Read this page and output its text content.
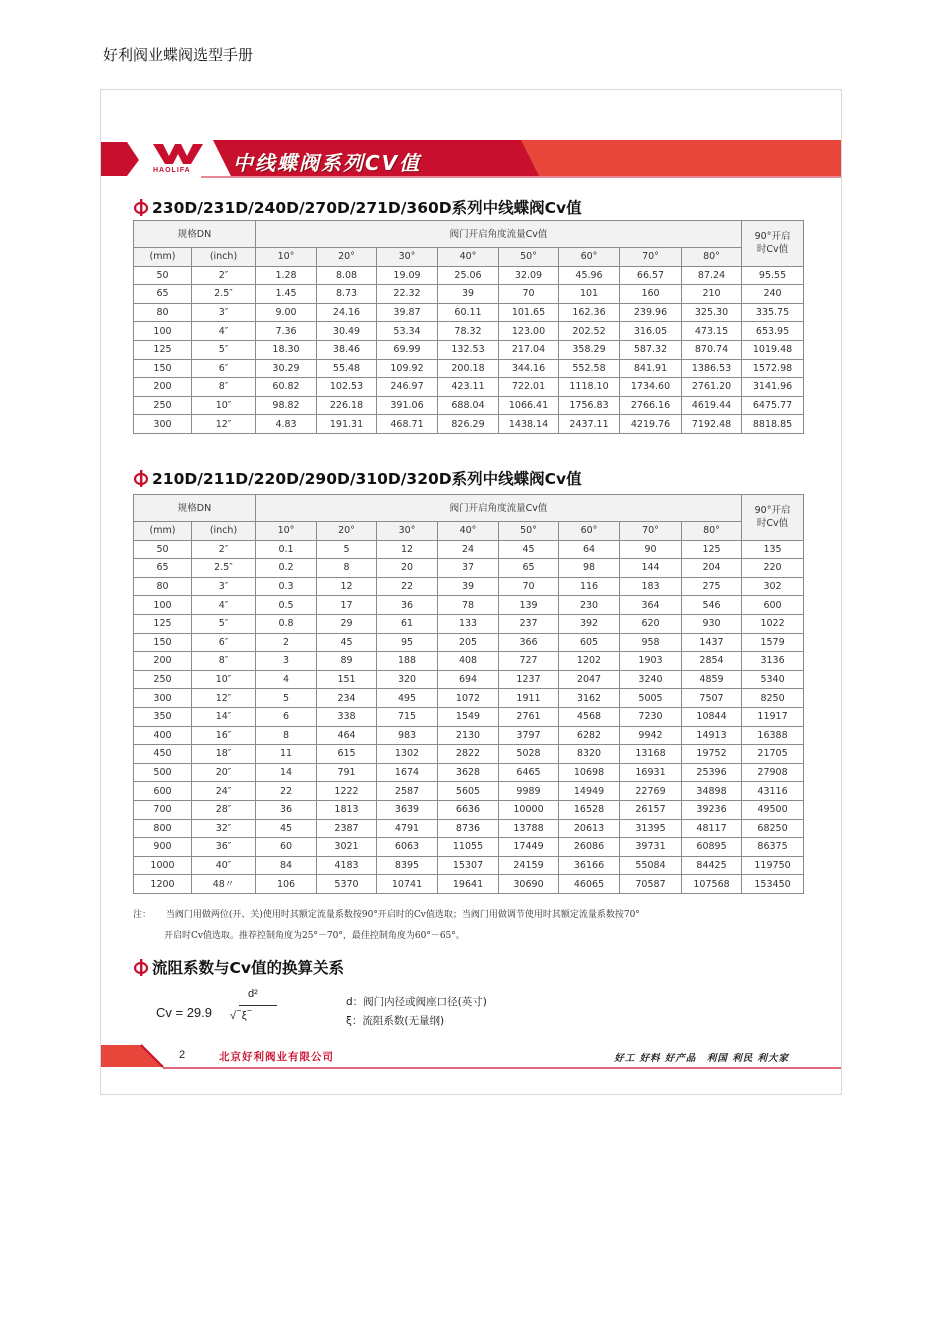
好利阀业蝶阀选型手册
HAOLIFA 中线蝶阀系列CV值
230D/231D/240D/270D/271D/360D系列中线蝶阀Cv值
规格DN		阀门开启角度流量Cv值								90°开启
时Cv值

(mm)	(inch)	10°	20°	30°	40°	50°	60°	70°	80°	
50	2″	1.28	8.08	19.09	25.06	32.09	45.96	66.57	87.24	95.55
65	2.5″	1.45	8.73	22.32	39	70	101	160	210	240
80	3″	9.00	24.16	39.87	60.11	101.65	162.36	239.96	325.30	335.75
100	4″	7.36	30.49	53.34	78.32	123.00	202.52	316.05	473.15	653.95
125	5″	18.30	38.46	69.99	132.53	217.04	358.29	587.32	870.74	1019.48
150	6″	30.29	55.48	109.92	200.18	344.16	552.58	841.91	1386.53	1572.98
200	8″	60.82	102.53	246.97	423.11	722.01	1118.10	1734.60	2761.20	3141.96
250	10″	98.82	226.18	391.06	688.04	1066.41	1756.83	2766.16	4619.44	6475.77
300	12″	4.83	191.31	468.71	826.29	1438.14	2437.11	4219.76	7192.48	8818.85
210D/211D/220D/290D/310D/320D系列中线蝶阀Cv值
规格DN		阀门开启角度流量Cv值								90°开启
时Cv值

(mm)	(inch)	10°	20°	30°	40°	50°	60°	70°	80°	
50	2″	0.1	5	12	24	45	64	90	125	135
65	2.5″	0.2	8	20	37	65	98	144	204	220
80	3″	0.3	12	22	39	70	116	183	275	302
100	4″	0.5	17	36	78	139	230	364	546	600
125	5″	0.8	29	61	133	237	392	620	930	1022
150	6″	2	45	95	205	366	605	958	1437	1579
200	8″	3	89	188	408	727	1202	1903	2854	3136
250	10″	4	151	320	694	1237	2047	3240	4859	5340
300	12″	5	234	495	1072	1911	3162	5005	7507	8250
350	14″	6	338	715	1549	2761	4568	7230	10844	11917
400	16″	8	464	983	2130	3797	6282	9942	14913	16388
450	18″	11	615	1302	2822	5028	8320	13168	19752	21705
500	20″	14	791	1674	3628	6465	10698	16931	25396	27908
600	24″	22	1222	2587	5605	9989	14949	22769	34898	43116
700	28″	36	1813	3639	6636	10000	16528	26157	39236	49500
800	32″	45	2387	4791	8736	13788	20613	31395	48117	68250
900	36″	60	3021	6063	11055	17449	26086	39731	60895	86375
1000	40″	84	4183	8395	15307	24159	36166	55084	84425	119750
1200	48〃	106	5370	10741	19641	30690	46065	70587	107568	153450
注： 当阀门用做两位(开、关)使用时其额定流量系数按90°开启时的Cv值选取；当阀门用做调节使用时其额定流量系数按70°
开启时Cv值选取。推荐控制角度为25°－70°，最佳控制角度为60°－65°。
流阻系数与Cv值的换算关系
Cv = 29.9
d²
√‾ξ‾
d：阀门内径或阀座口径(英寸)
ξ：流阻系数(无量纲)
2	北京好利阀业有限公司	好工 好料 好产品　利国 利民 利大家
